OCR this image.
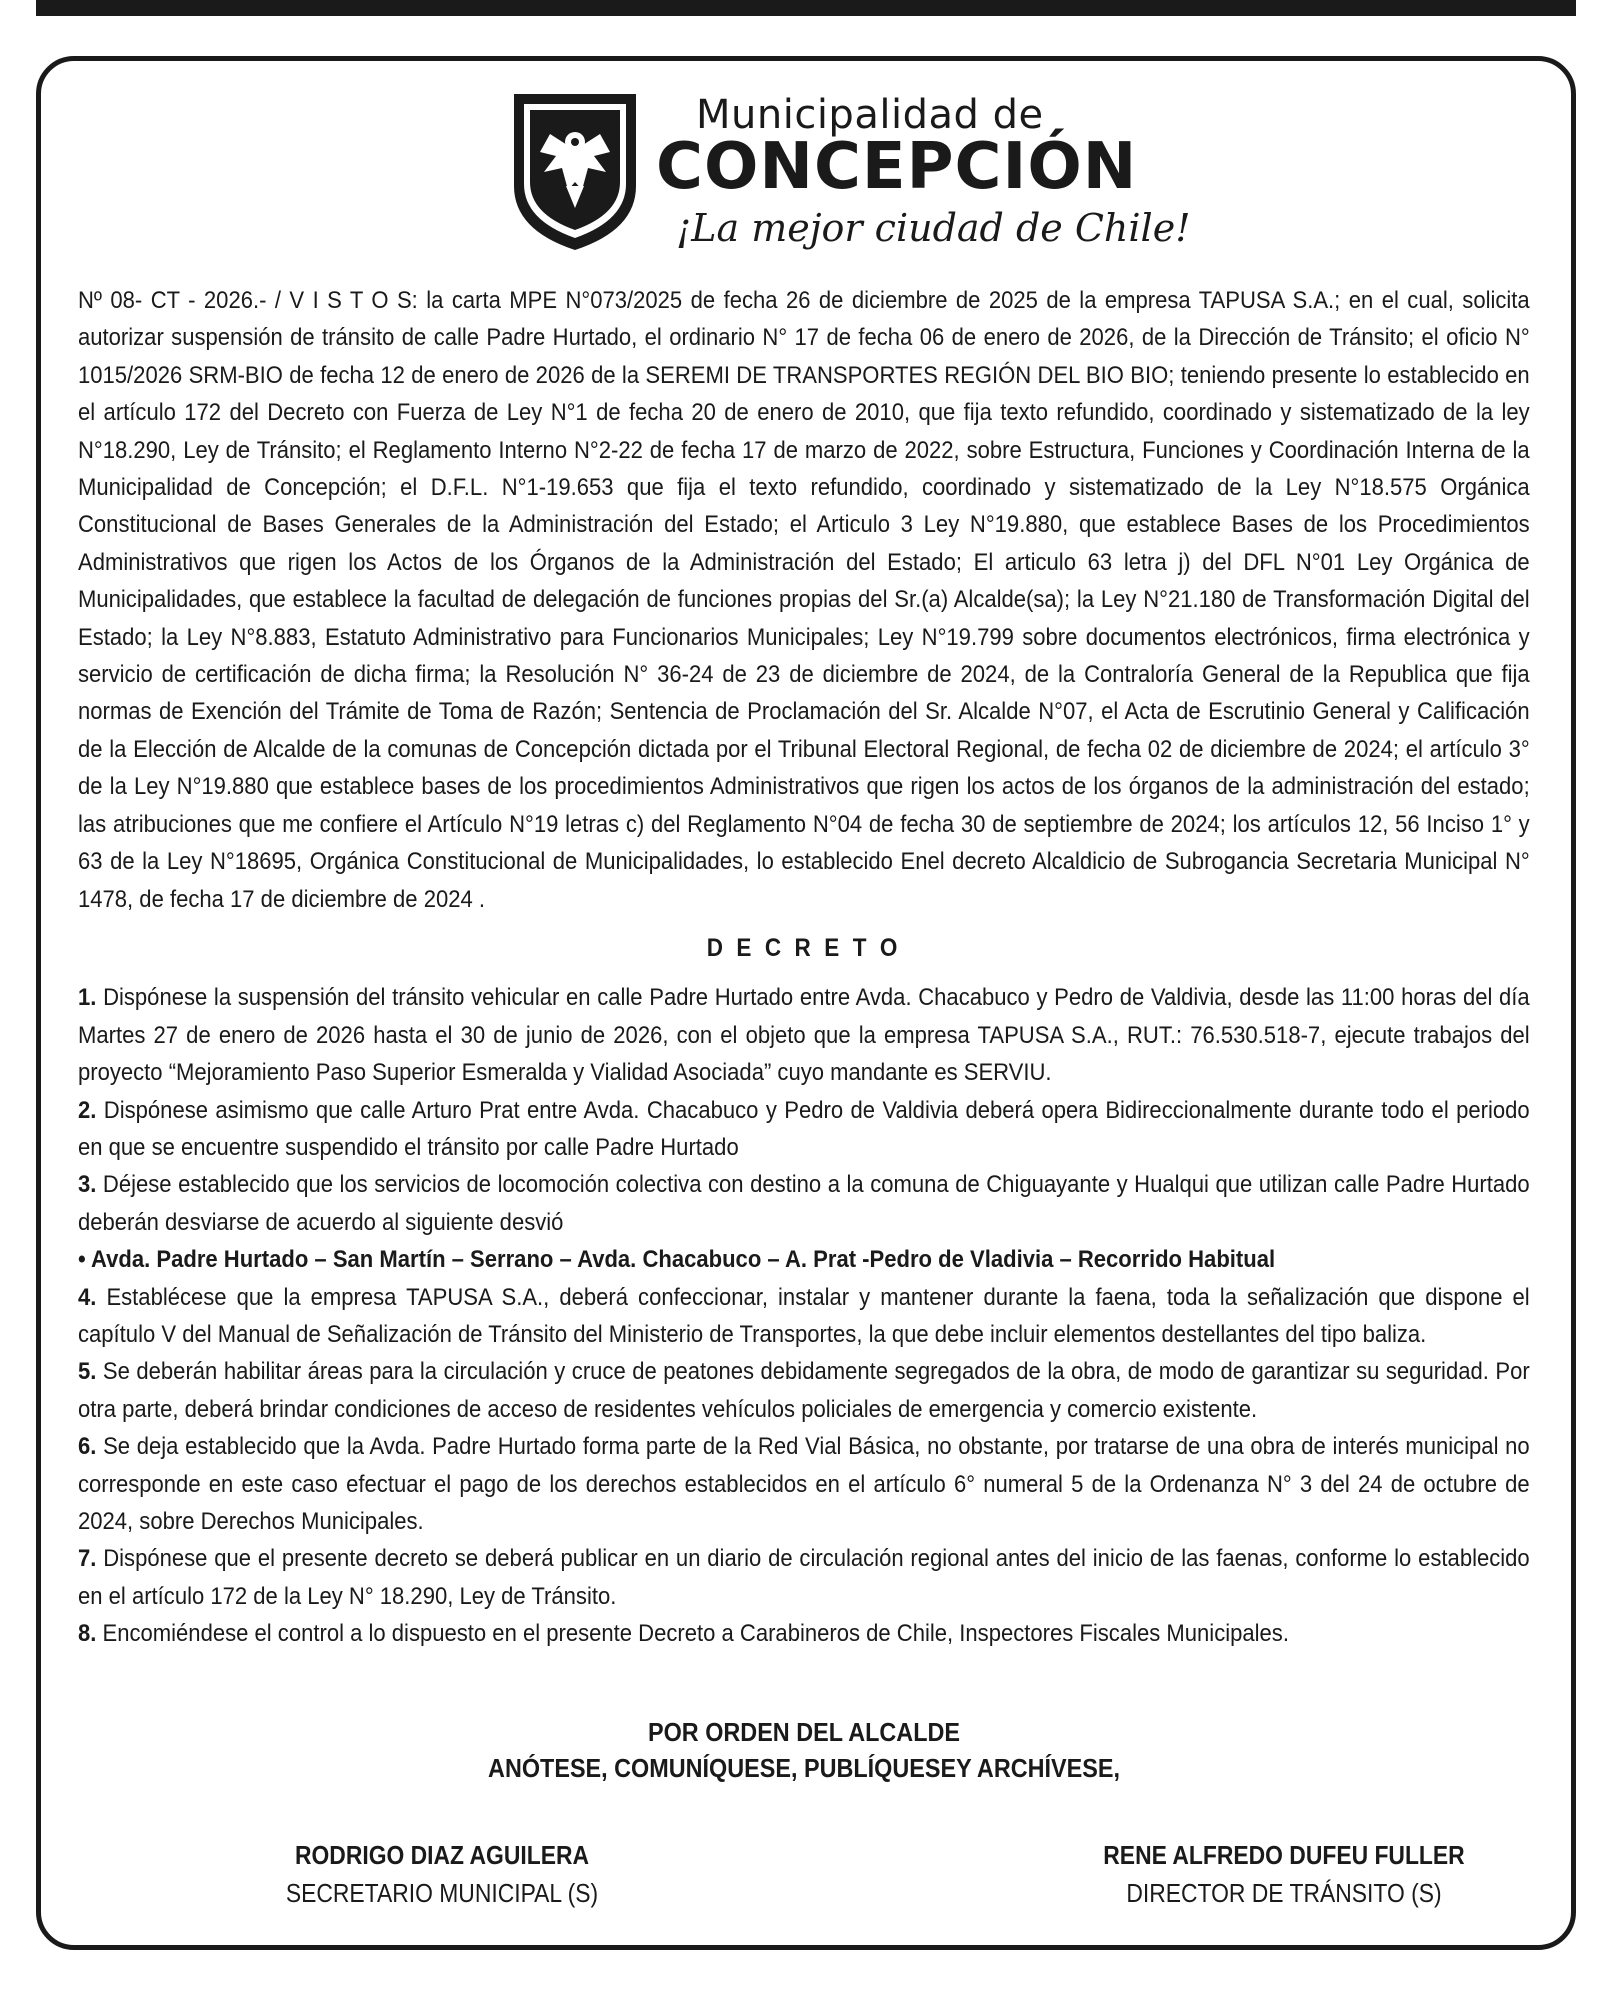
Municipalidad de
CONCEPCIÓN
¡La mejor ciudad de Chile!

Nº 08- CT - 2026.- / V I S T O S: la carta MPE N°073/2025 de fecha 26 de diciembre de 2025 de la empresa TAPUSA S.A.; en el cual, solicita autorizar suspensión de tránsito de calle Padre Hurtado, el ordinario N° 17 de fecha 06 de enero de 2026, de la Dirección de Tránsito; el oficio N° 1015/2026 SRM-BIO de fecha 12 de enero de 2026 de la SEREMI DE TRANSPORTES REGIÓN DEL BIO BIO; teniendo presente lo establecido en el artículo 172 del Decreto con Fuerza de Ley N°1 de fecha 20 de enero de 2010, que fija texto refundido, coordinado y sistematizado de la ley N°18.290, Ley de Tránsito; el Reglamento Interno N°2-22 de fecha 17 de marzo de 2022, sobre Estructura, Funciones y Coordinación Interna de la Municipalidad de Concepción; el D.F.L. N°1-19.653 que fija el texto refundido, coordinado y sistematizado de la Ley N°18.575 Orgánica Constitucional de Bases Generales de la Administración del Estado; el Articulo 3 Ley N°19.880, que establece Bases de los Procedimientos Administrativos que rigen los Actos de los Órganos de la Administración del Estado; El articulo 63 letra j) del DFL N°01 Ley Orgánica de Municipalidades, que establece la facultad de delegación de funciones propias del Sr.(a) Alcalde(sa); la Ley N°21.180 de Transformación Digital del Estado; la Ley N°8.883, Estatuto Administrativo para Funcionarios Municipales; Ley N°19.799 sobre documentos electrónicos, firma electrónica y servicio de certificación de dicha firma; la Resolución N° 36-24 de 23 de diciembre de 2024, de la Contraloría General de la Republica que fija normas de Exención del Trámite de Toma de Razón; Sentencia de Proclamación del Sr. Alcalde N°07, el Acta de Escrutinio General y Calificación de la Elección de Alcalde de la comunas de Concepción dictada por el Tribunal Electoral Regional, de fecha 02 de diciembre de 2024; el artículo 3° de la Ley N°19.880 que establece bases de los procedimientos Administrativos que rigen los actos de los órganos de la administración del estado; las atribuciones que me confiere el Artículo N°19 letras c) del Reglamento N°04 de fecha 30 de septiembre de 2024; los artículos 12, 56 Inciso 1° y 63 de la Ley N°18695, Orgánica Constitucional de Municipalidades, lo establecido Enel decreto Alcaldicio de Subrogancia Secretaria Municipal N° 1478, de fecha 17 de diciembre de 2024 .

D E C R E T O

1. Dispónese la suspensión del tránsito vehicular en calle Padre Hurtado entre Avda. Chacabuco y Pedro de Valdivia, desde las 11:00 horas del día Martes 27 de enero de 2026 hasta el 30 de junio de 2026, con el objeto que la empresa TAPUSA S.A., RUT.: 76.530.518-7, ejecute trabajos del proyecto “Mejoramiento Paso Superior Esmeralda y Vialidad Asociada” cuyo mandante es SERVIU.

2. Dispónese asimismo que calle Arturo Prat entre Avda. Chacabuco y Pedro de Valdivia deberá opera Bidireccionalmente durante todo el periodo en que se encuentre suspendido el tránsito por calle Padre Hurtado

3. Déjese establecido que los servicios de locomoción colectiva con destino a la comuna de Chiguayante y Hualqui que utilizan calle Padre Hurtado deberán desviarse de acuerdo al siguiente desvió

• Avda. Padre Hurtado – San Martín – Serrano – Avda. Chacabuco – A. Prat -Pedro de Vladivia – Recorrido Habitual

4. Establécese que la empresa TAPUSA S.A., deberá confeccionar, instalar y mantener durante la faena, toda la señalización que dispone el capítulo V del Manual de Señalización de Tránsito del Ministerio de Transportes, la que debe incluir elementos destellantes del tipo baliza.

5. Se deberán habilitar áreas para la circulación y cruce de peatones debidamente segregados de la obra, de modo de garantizar su seguridad. Por otra parte, deberá brindar condiciones de acceso de residentes vehículos policiales de emergencia y comercio existente.

6. Se deja establecido que la Avda. Padre Hurtado forma parte de la Red Vial Básica, no obstante, por tratarse de una obra de interés municipal no corresponde en este caso efectuar el pago de los derechos establecidos en el artículo 6° numeral 5 de la Ordenanza N° 3 del 24 de octubre de 2024, sobre Derechos Municipales.

7. Dispónese que el presente decreto se deberá publicar en un diario de circulación regional antes del inicio de las faenas, conforme lo establecido en el artículo 172 de la Ley N° 18.290, Ley de Tránsito.

8. Encomiéndese el control a lo dispuesto en el presente Decreto a Carabineros de Chile, Inspectores Fiscales Municipales.

POR ORDEN DEL ALCALDE
ANÓTESE, COMUNÍQUESE, PUBLÍQUESEY ARCHÍVESE,
RODRIGO DIAZ AGUILERA
SECRETARIO MUNICIPAL (S)
RENE ALFREDO DUFEU FULLER
DIRECTOR DE TRÁNSITO (S)
